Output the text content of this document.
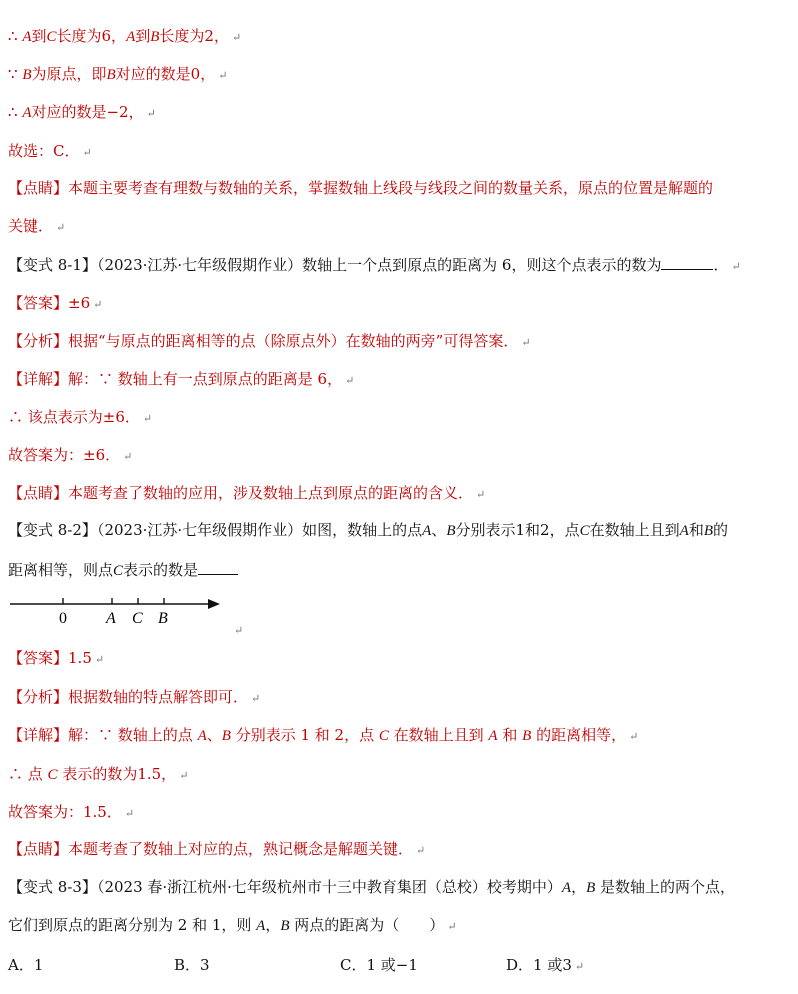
∴ A到C长度为6，A到B长度为2， ↵
∵ B为原点，即B对应的数是0， ↵
∴ A对应的数是−2， ↵
故选：C． ↵
【点睛】本题主要考查有理数与数轴的关系，掌握数轴上线段与线段之间的数量关系，原点的位置是解题的
关键． ↵
【变式 8-1】（2023·江苏·七年级假期作业）数轴上一个点到原点的距离为 6，则这个点表示的数为	． ↵
【答案】±6 ↵
【分析】根据“与原点的距离相等的点（除原点外）在数轴的两旁”可得答案． ↵
【详解】解：∵ 数轴上有一点到原点的距离是 6， ↵
∴ 该点表示为±6． ↵
故答案为：±6． ↵
【点睛】本题考查了数轴的应用，涉及数轴上点到原点的距离的含义． ↵
【变式 8-2】（2023·江苏·七年级假期作业）如图，数轴上的点A、B分别表示1和2，点C在数轴上且到A和B的
距离相等，则点C表示的数是
0 A C B
↵
【答案】1.5 ↵
【分析】根据数轴的特点解答即可． ↵
【详解】解：∵ 数轴上的点 A、B 分别表示 1 和 2，点 C 在数轴上且到 A 和 B 的距离相等， ↵
∴ 点 C 表示的数为1.5， ↵
故答案为：1.5． ↵
【点睛】本题考查了数轴上对应的点，熟记概念是解题关键． ↵
【变式 8-3】（2023 春·浙江杭州·七年级杭州市十三中教育集团（总校）校考期中）A，B 是数轴上的两个点，
它们到原点的距离分别为 2 和 1，则 A，B 两点的距离为（　　） ↵
A．1	B．3	C．1 或−1	D．1 或3 ↵
